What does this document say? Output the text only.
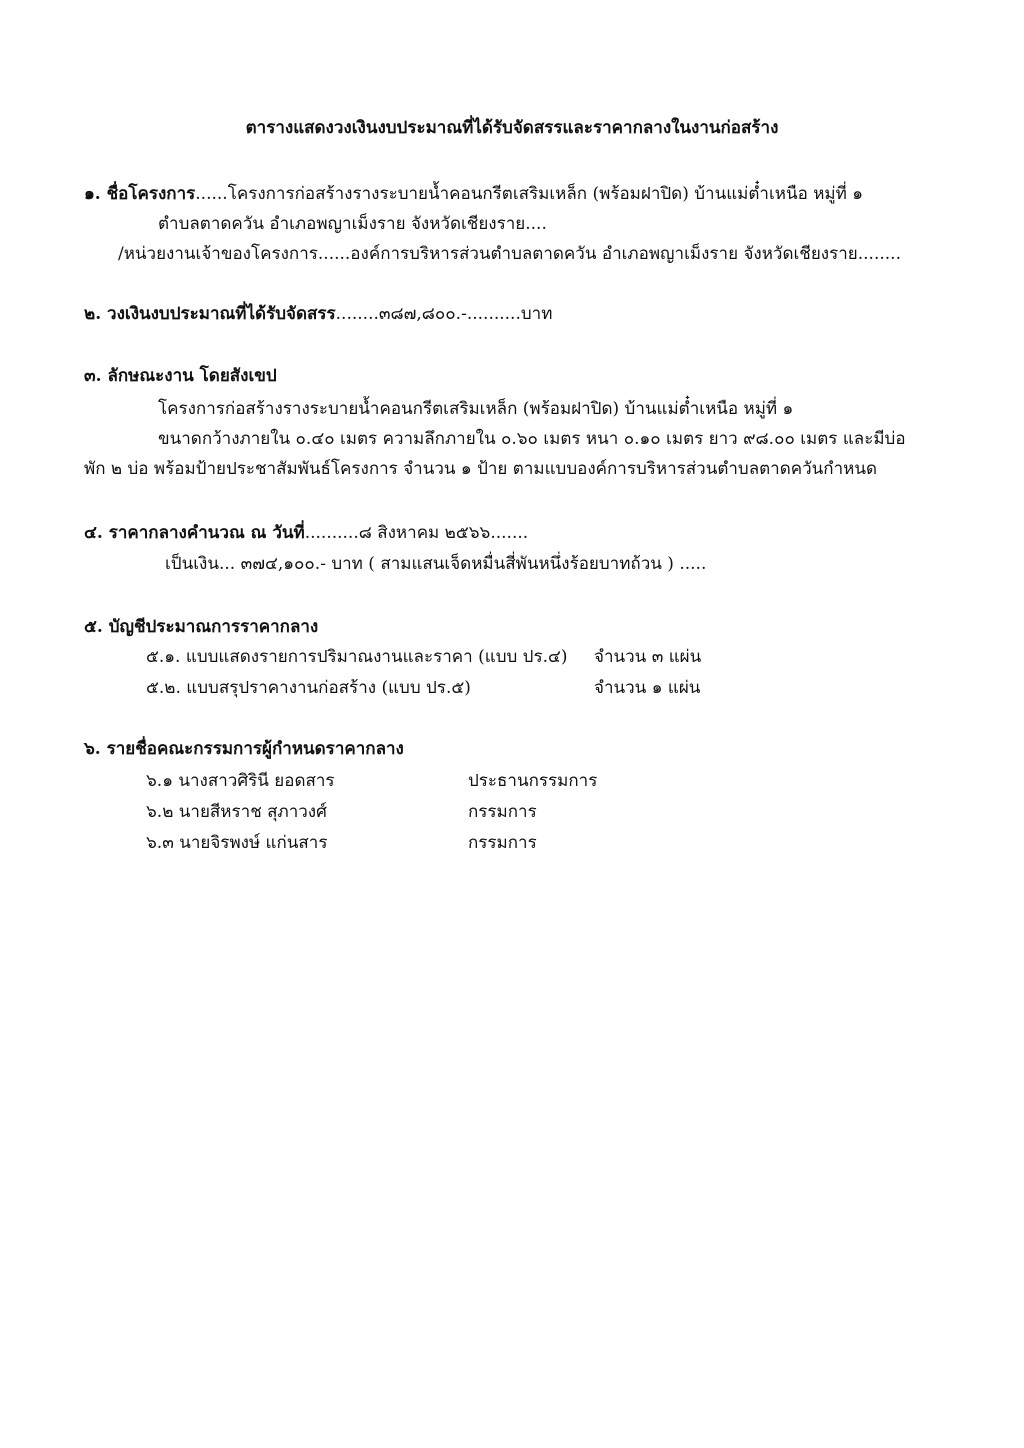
ตารางแสดงวงเงินงบประมาณที่ได้รับจัดสรรและราคากลางในงานก่อสร้าง
๑. ชื่อโครงการ......โครงการก่อสร้างรางระบายน้ำคอนกรีตเสริมเหล็ก (พร้อมฝาปิด) บ้านแม่ต๋ำเหนือ หมู่ที่ ๑
ตำบลตาดควัน อำเภอพญาเม็งราย จังหวัดเชียงราย....
/หน่วยงานเจ้าของโครงการ......องค์การบริหารส่วนตำบลตาดควัน อำเภอพญาเม็งราย จังหวัดเชียงราย........
๒. วงเงินงบประมาณที่ได้รับจัดสรร........๓๘๗,๘๐๐.-..........บาท
๓. ลักษณะงาน โดยสังเขป
โครงการก่อสร้างรางระบายน้ำคอนกรีตเสริมเหล็ก (พร้อมฝาปิด) บ้านแม่ต๋ำเหนือ หมู่ที่ ๑
ขนาดกว้างภายใน ๐.๔๐ เมตร ความลึกภายใน ๐.๖๐ เมตร หนา ๐.๑๐ เมตร ยาว ๙๘.๐๐ เมตร และมีบ่อ
พัก ๒ บ่อ พร้อมป้ายประชาสัมพันธ์โครงการ จำนวน ๑ ป้าย ตามแบบองค์การบริหารส่วนตำบลตาดควันกำหนด
๔. ราคากลางคำนวณ ณ วันที่..........๘ สิงหาคม ๒๕๖๖.......
เป็นเงิน... ๓๗๔,๑๐๐.- บาท ( สามแสนเจ็ดหมื่นสี่พันหนึ่งร้อยบาทถ้วน ) .....
๕. บัญชีประมาณการราคากลาง
๕.๑. แบบแสดงรายการปริมาณงานและราคา (แบบ ปร.๔) จำนวน ๓ แผ่น
๕.๒. แบบสรุปราคางานก่อสร้าง (แบบ ปร.๕)	จำนวน ๑ แผ่น
๖. รายชื่อคณะกรรมการผู้กำหนดราคากลาง
๖.๑ นางสาวศิรินี ยอดสาร	ประธานกรรมการ
๖.๒ นายสีหราช สุภาวงศ์	กรรมการ
๖.๓ นายจิรพงษ์ แก่นสาร	กรรมการ
